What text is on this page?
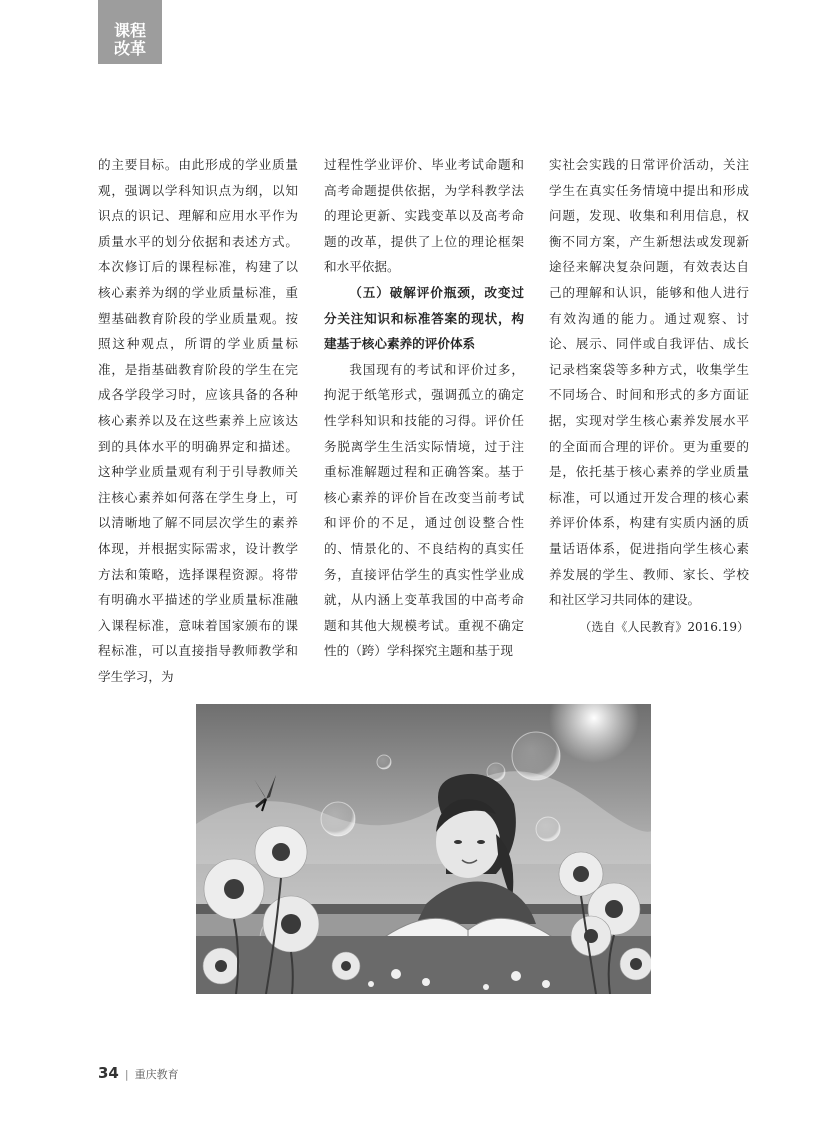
课程
改革

的主要目标。由此形成的学业质量观，强调以学科知识点为纲，以知识点的识记、理解和应用水平作为质量水平的划分依据和表述方式。本次修订后的课程标准，构建了以核心素养为纲的学业质量标准，重塑基础教育阶段的学业质量观。按照这种观点，所谓的学业质量标准，是指基础教育阶段的学生在完成各学段学习时，应该具备的各种核心素养以及在这些素养上应该达到的具体水平的明确界定和描述。这种学业质量观有利于引导教师关注核心素养如何落在学生身上，可以清晰地了解不同层次学生的素养体现，并根据实际需求，设计教学方法和策略，选择课程资源。将带有明确水平描述的学业质量标准融入课程标准，意味着国家颁布的课程标准，可以直接指导教师教学和学生学习，为

过程性学业评价、毕业考试命题和高考命题提供依据，为学科教学法的理论更新、实践变革以及高考命题的改革，提供了上位的理论框架和水平依据。

（五）破解评价瓶颈，改变过分关注知识和标准答案的现状，构建基于核心素养的评价体系

我国现有的考试和评价过多，拘泥于纸笔形式，强调孤立的确定性学科知识和技能的习得。评价任务脱离学生生活实际情境，过于注重标准解题过程和正确答案。基于核心素养的评价旨在改变当前考试和评价的不足，通过创设整合性的、情景化的、不良结构的真实任务，直接评估学生的真实性学业成就，从内涵上变革我国的中高考命题和其他大规模考试。重视不确定性的（跨）学科探究主题和基于现

实社会实践的日常评价活动，关注学生在真实任务情境中提出和形成问题，发现、收集和利用信息，权衡不同方案，产生新想法或发现新途径来解决复杂问题，有效表达自己的理解和认识，能够和他人进行有效沟通的能力。通过观察、讨论、展示、同伴或自我评估、成长记录档案袋等多种方式，收集学生不同场合、时间和形式的多方面证据，实现对学生核心素养发展水平的全面而合理的评价。更为重要的是，依托基于核心素养的学业质量标准，可以通过开发合理的核心素养评价体系，构建有实质内涵的质量话语体系，促进指向学生核心素养发展的学生、教师、家长、学校和社区学习共同体的建设。

（选自《人民教育》2016.19）

34 | 重庆教育
